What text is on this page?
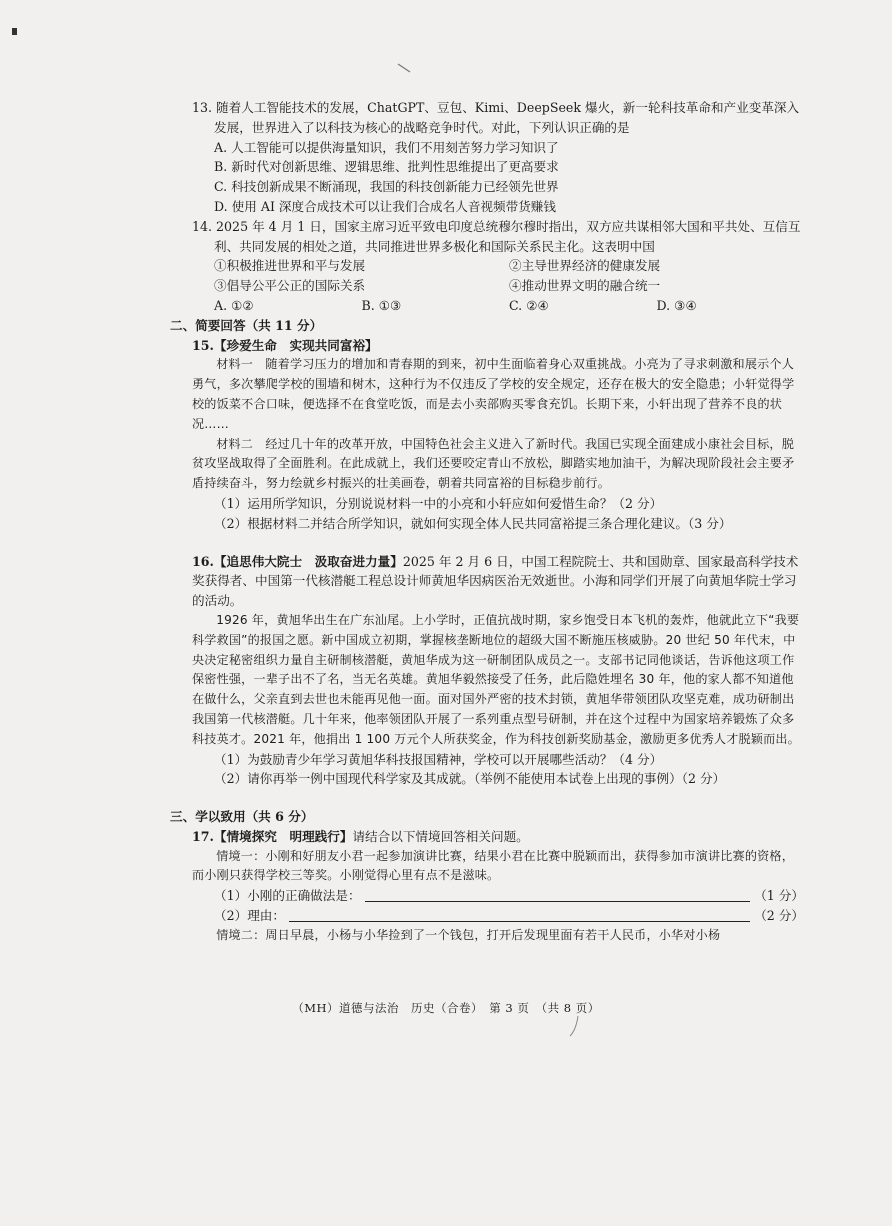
13. 随着人工智能技术的发展，ChatGPT、豆包、Kimi、DeepSeek 爆火，新一轮科技革命和产业变革深入发展，世界进入了以科技为核心的战略竞争时代。对此，下列认识正确的是

A. 人工智能可以提供海量知识，我们不用刻苦努力学习知识了
B. 新时代对创新思维、逻辑思维、批判性思维提出了更高要求
C. 科技创新成果不断涌现，我国的科技创新能力已经领先世界
D. 使用 AI 深度合成技术可以让我们合成名人音视频带货赚钱

14. 2025 年 4 月 1 日，国家主席习近平致电印度总统穆尔穆时指出，双方应共谋相邻大国和平共处、互信互利、共同发展的相处之道，共同推进世界多极化和国际关系民主化。这表明中国

①积极推进世界和平与发展	②主导世界经济的健康发展
③倡导公平公正的国际关系	④推动世界文明的融合统一
A. ①②	B. ①③	C. ②④	D. ③④
二、简要回答（共 11 分）
15.【珍爱生命　实现共同富裕】

材料一　 随着学习压力的增加和青春期的到来，初中生面临着身心双重挑战。小亮为了寻求刺激和展示个人勇气，多次攀爬学校的围墙和树木，这种行为不仅违反了学校的安全规定，还存在极大的安全隐患；小轩觉得学校的饭菜不合口味，便选择不在食堂吃饭，而是去小卖部购买零食充饥。长期下来，小轩出现了营养不良的状况……

材料二　 经过几十年的改革开放，中国特色社会主义进入了新时代。我国已实现全面建成小康社会目标，脱贫攻坚战取得了全面胜利。在此成就上，我们还要咬定青山不放松，脚踏实地加油干，为解决现阶段社会主要矛盾持续奋斗，努力绘就乡村振兴的壮美画卷，朝着共同富裕的目标稳步前行。

（1）运用所学知识，分别说说材料一中的小亮和小轩应如何爱惜生命？（2 分）
（2）根据材料二并结合所学知识，就如何实现全体人民共同富裕提三条合理化建议。（3 分）

16.【追思伟大院士　汲取奋进力量】2025 年 2 月 6 日，中国工程院院士、共和国勋章、国家最高科学技术奖获得者、中国第一代核潜艇工程总设计师黄旭华因病医治无效逝世。小海和同学们开展了向黄旭华院士学习的活动。

1926 年，黄旭华出生在广东汕尾。上小学时，正值抗战时期，家乡饱受日本飞机的轰炸，他就此立下“我要科学救国”的报国之愿。新中国成立初期，掌握核垄断地位的超级大国不断施压核威胁。20 世纪 50 年代末，中央决定秘密组织力量自主研制核潜艇，黄旭华成为这一研制团队成员之一。支部书记同他谈话，告诉他这项工作保密性强，一辈子出不了名，当无名英雄。黄旭华毅然接受了任务，此后隐姓埋名 30 年，他的家人都不知道他在做什么，父亲直到去世也未能再见他一面。面对国外严密的技术封锁，黄旭华带领团队攻坚克难，成功研制出我国第一代核潜艇。几十年来，他率领团队开展了一系列重点型号研制，并在这个过程中为国家培养锻炼了众多科技英才。2021 年，他捐出 1 100 万元个人所获奖金，作为科技创新奖励基金，激励更多优秀人才脱颖而出。

（1）为鼓励青少年学习黄旭华科技报国精神，学校可以开展哪些活动？（4 分）
（2）请你再举一例中国现代科学家及其成就。（举例不能使用本试卷上出现的事例）（2 分）
三、学以致用（共 6 分）
17.【情境探究　明理践行】请结合以下情境回答相关问题。

情境一：小刚和好朋友小君一起参加演讲比赛，结果小君在比赛中脱颖而出，获得参加市演讲比赛的资格，而小刚只获得学校三等奖。小刚觉得心里有点不是滋味。

（1）小刚的正确做法是：	（1 分）
（2）理由：	（2 分）

情境二：周日早晨，小杨与小华捡到了一个钱包，打开后发现里面有若干人民币，小华对小杨

（MH）道德与法治　历史（合卷）　第 3 页　（共 8 页）
